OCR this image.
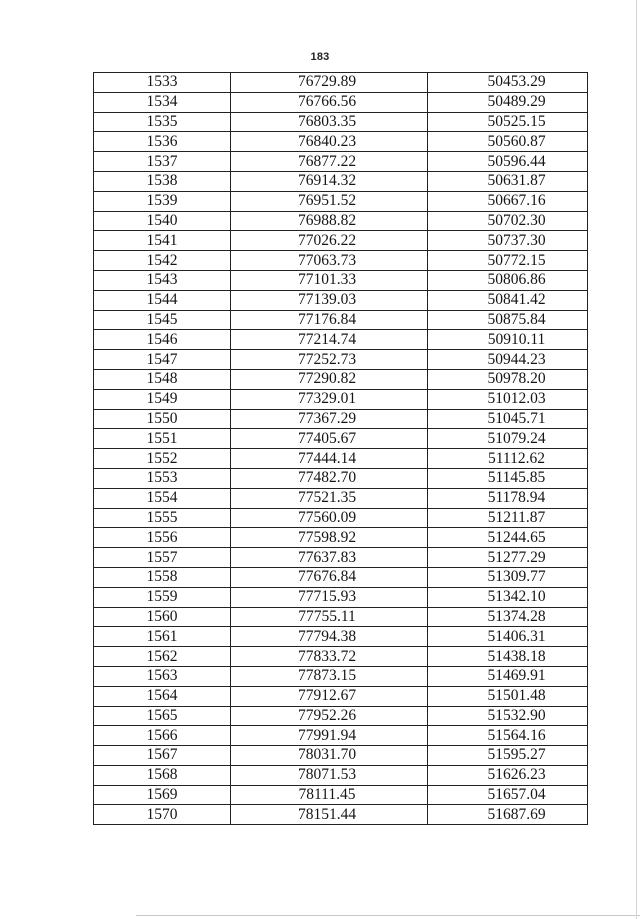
183
1533	76729.89	50453.29
1534	76766.56	50489.29
1535	76803.35	50525.15
1536	76840.23	50560.87
1537	76877.22	50596.44
1538	76914.32	50631.87
1539	76951.52	50667.16
1540	76988.82	50702.30
1541	77026.22	50737.30
1542	77063.73	50772.15
1543	77101.33	50806.86
1544	77139.03	50841.42
1545	77176.84	50875.84
1546	77214.74	50910.11
1547	77252.73	50944.23
1548	77290.82	50978.20
1549	77329.01	51012.03
1550	77367.29	51045.71
1551	77405.67	51079.24
1552	77444.14	51112.62
1553	77482.70	51145.85
1554	77521.35	51178.94
1555	77560.09	51211.87
1556	77598.92	51244.65
1557	77637.83	51277.29
1558	77676.84	51309.77
1559	77715.93	51342.10
1560	77755.11	51374.28
1561	77794.38	51406.31
1562	77833.72	51438.18
1563	77873.15	51469.91
1564	77912.67	51501.48
1565	77952.26	51532.90
1566	77991.94	51564.16
1567	78031.70	51595.27
1568	78071.53	51626.23
1569	78111.45	51657.04
1570	78151.44	51687.69
